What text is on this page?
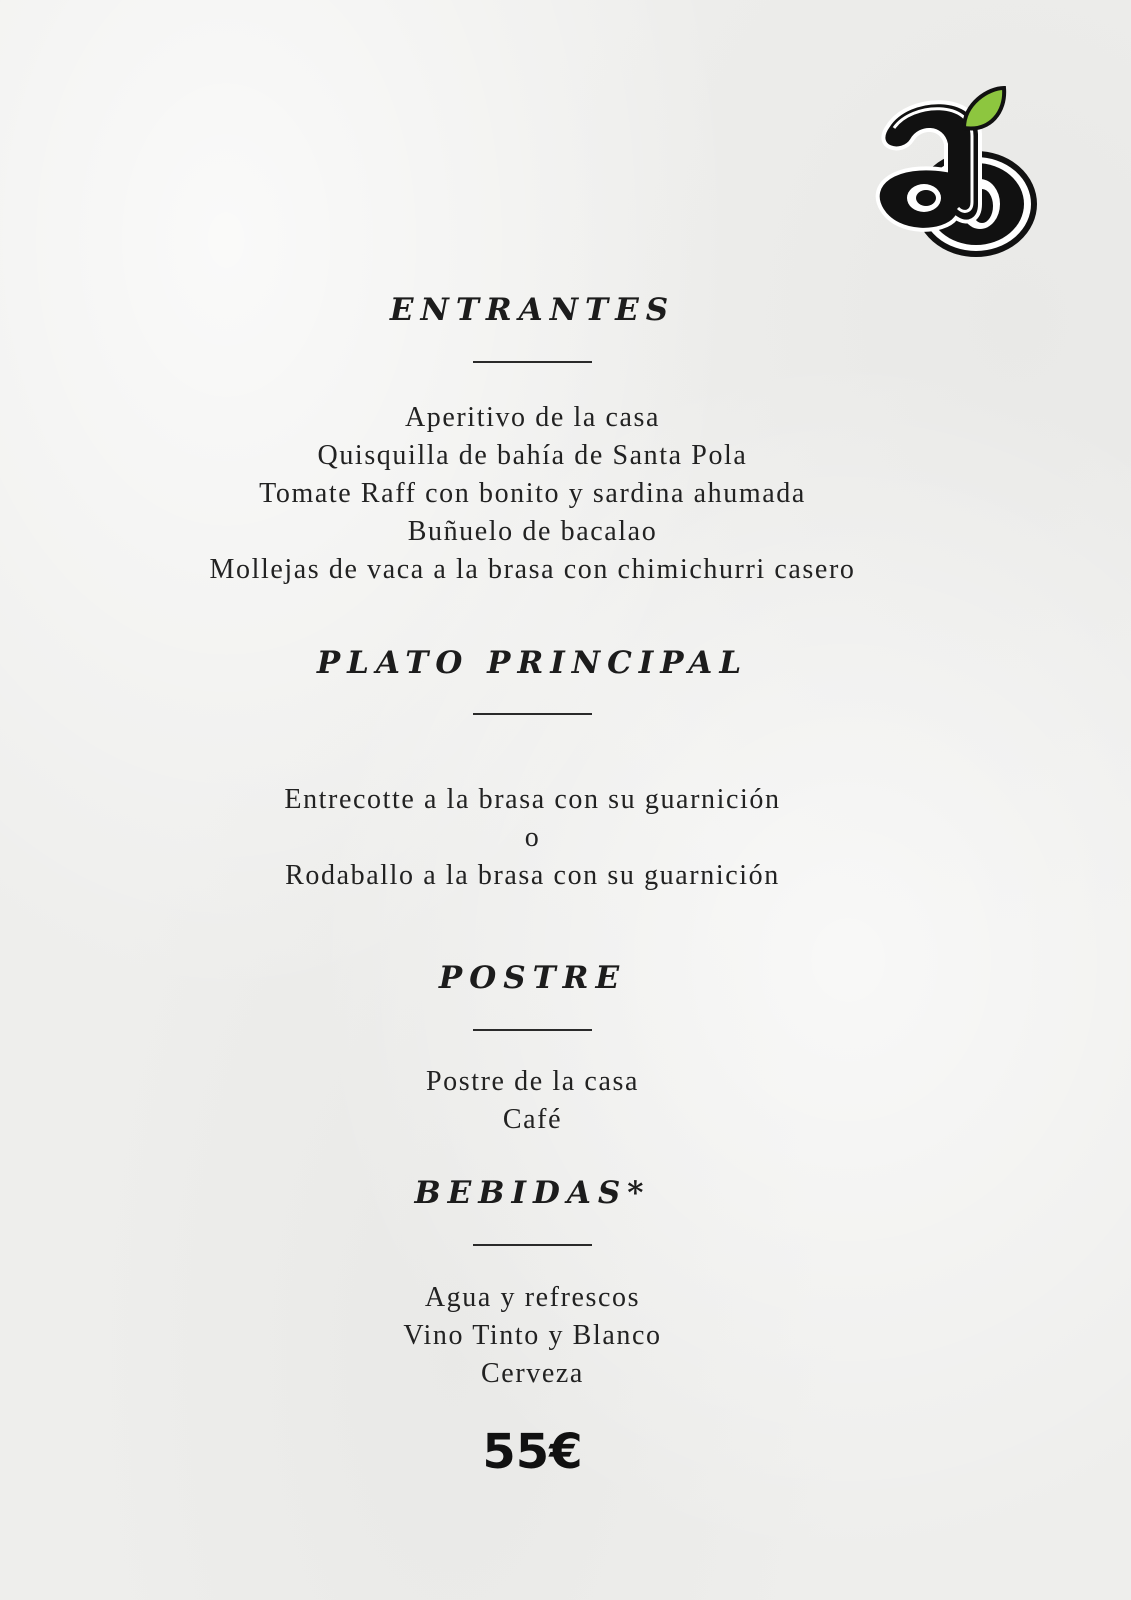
ENTRANTES
Aperitivo de la casa
Quisquilla de bahía de Santa Pola
Tomate Raff con bonito y sardina ahumada
Buñuelo de bacalao
Mollejas de vaca a la brasa con chimichurri casero
PLATO PRINCIPAL
Entrecotte a la brasa con su guarnición
o
Rodaballo a la brasa con su guarnición
POSTRE
Postre de la casa
Café
BEBIDAS*
Agua y refrescos
Vino Tinto y Blanco
Cerveza
55€
